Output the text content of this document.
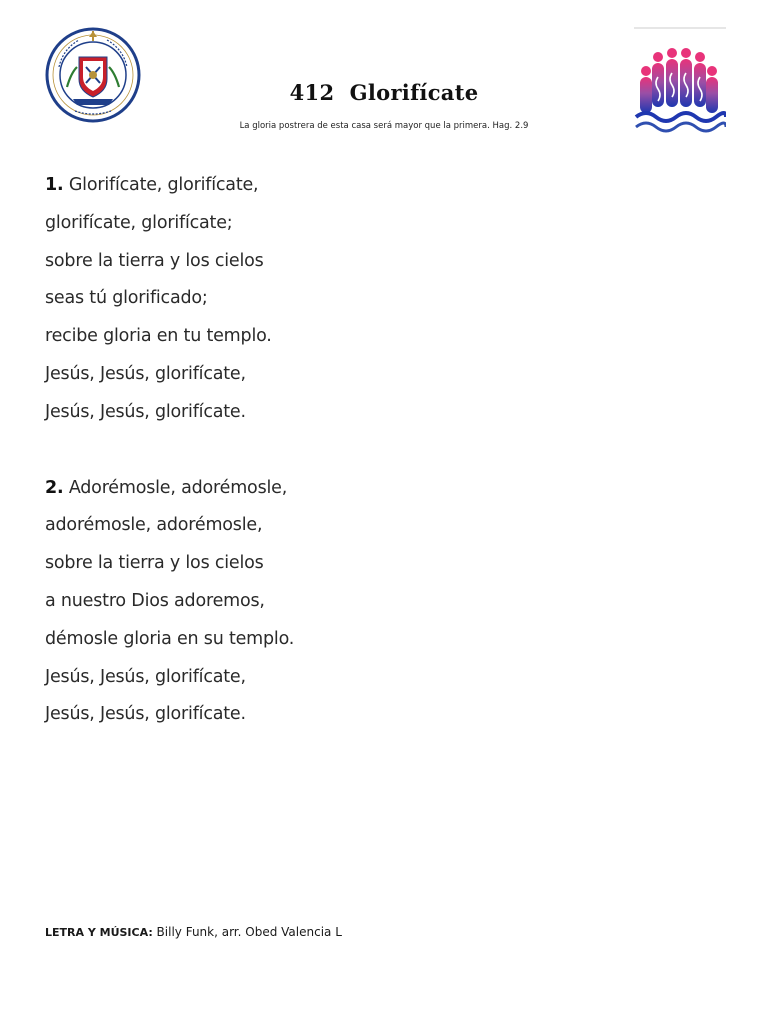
412 Glorifícate
La gloria postrera de esta casa será mayor que la primera. Hag. 2.9
1. Glorifícate, glorifícate,
glorifícate, glorifícate;
sobre la tierra y los cielos
seas tú glorificado;
recibe gloria en tu templo.
Jesús, Jesús, glorifícate,
Jesús, Jesús, glorifícate.
2. Adorémosle, adorémosle,
adorémosle, adorémosle,
sobre la tierra y los cielos
a nuestro Dios adoremos,
démosle gloria en su templo.
Jesús, Jesús, glorifícate,
Jesús, Jesús, glorifícate.
LETRA Y MÚSICA: Billy Funk, arr. Obed Valencia L
